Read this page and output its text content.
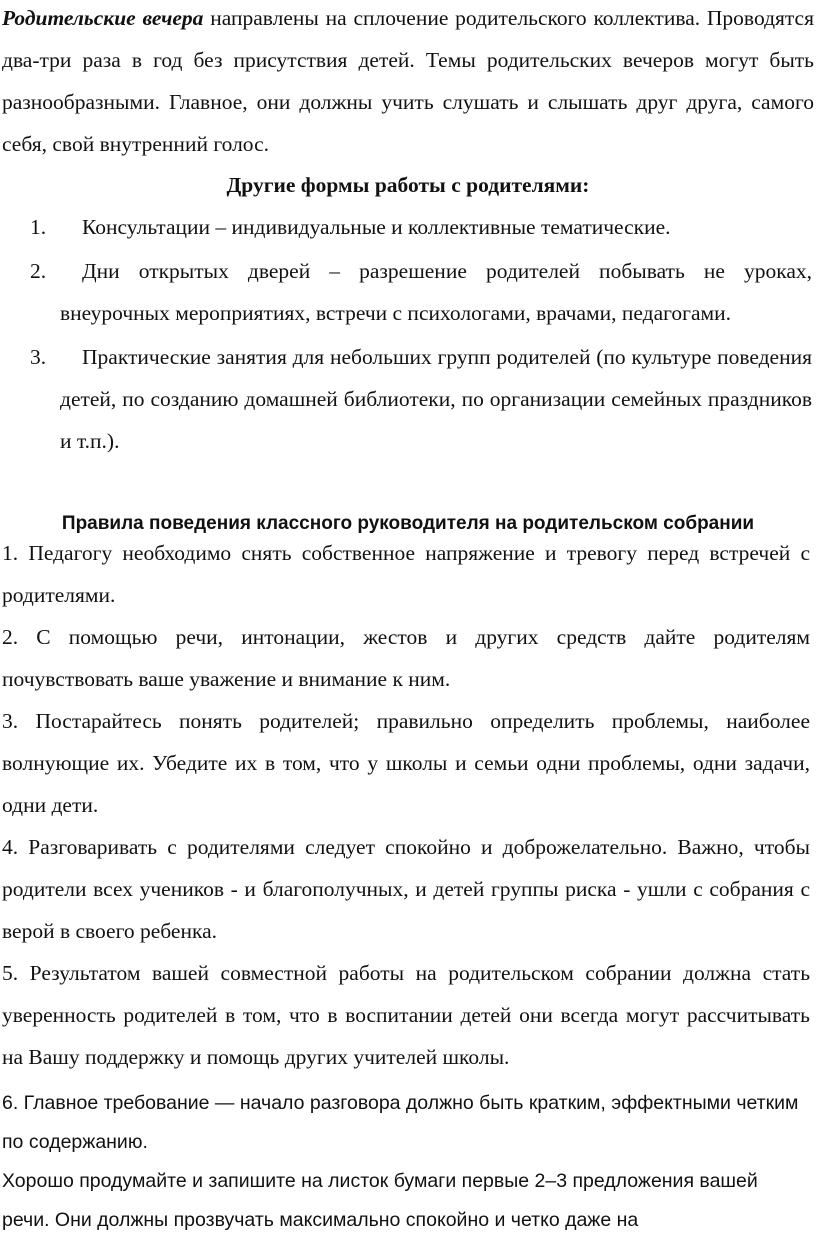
Родительские вечера направлены на сплочение родительского коллектива. Проводятся два-три раза в год без присутствия детей. Темы родительских вечеров могут быть разнообразными. Главное, они должны учить слушать и слышать друг друга, самого себя, свой внутренний голос.

Другие формы работы с родителями:

1. Консультации – индивидуальные и коллективные тематические.
2. Дни открытых дверей – разрешение родителей побывать не уроках, внеурочных мероприятиях, встречи с психологами, врачами, педагогами.
3. Практические занятия для небольших групп родителей (по культуре поведения детей, по созданию домашней библиотеки, по организации семейных праздников и т.п.).

Правила поведения классного руководителя на родительском собрании

1. Педагогу необходимо снять собственное напряжение и тревогу перед встречей с родителями.

2. С помощью речи, интонации, жестов и других средств дайте родителям почувствовать ваше уважение и внимание к ним.

3. Постарайтесь понять родителей; правильно определить проблемы, наиболее волнующие их. Убедите их в том, что у школы и семьи одни проблемы, одни задачи, одни дети.

4. Разговаривать с родителями следует спокойно и доброжелательно. Важно, чтобы родители всех учеников - и благополучных, и детей группы риска - ушли с собрания с верой в своего ребенка.

5. Результатом вашей совместной работы на родительском собрании должна стать уверенность родителей в том, что в воспитании детей они всегда могут рассчитывать на Вашу поддержку и помощь других учителей школы.

6. Главное требование — начало разговора должно быть кратким, эффектными четким по содержанию.

Хорошо продумайте и запишите на листок бумаги первые 2–3 предложения вашей речи. Они должны прозвучать максимально спокойно и четко даже на
